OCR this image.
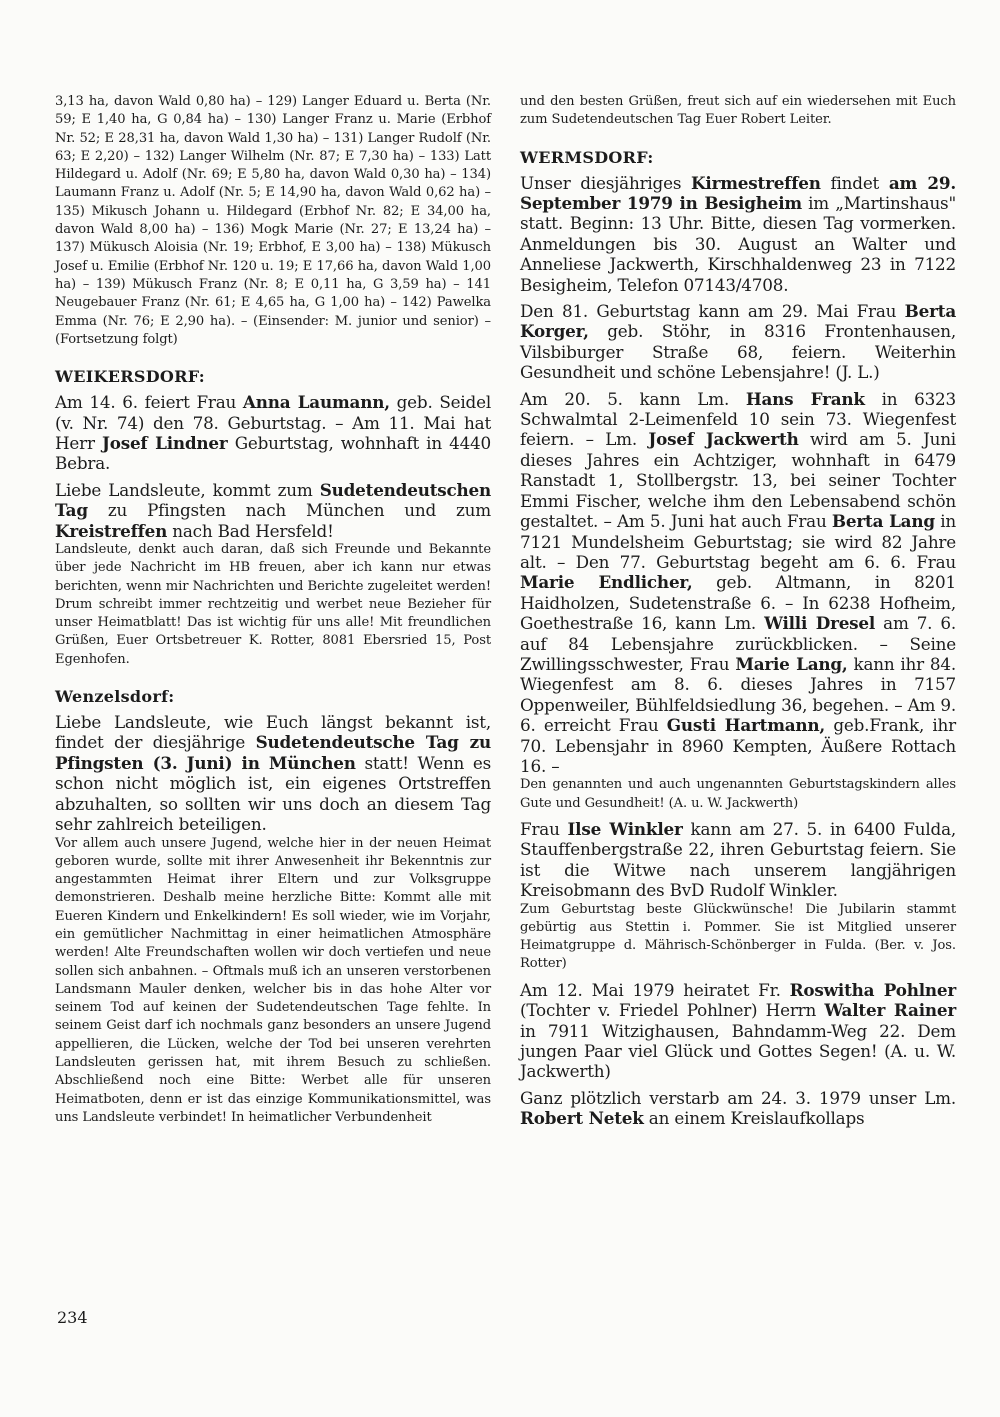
3,13 ha, davon Wald 0,80 ha) – 129) Langer Eduard u. Berta (Nr. 59; E 1,40 ha, G 0,84 ha) – 130) Langer Franz u. Marie (Erbhof Nr. 52; E 28,31 ha, davon Wald 1,30 ha) – 131) Langer Rudolf (Nr. 63; E 2,20) – 132) Langer Wilhelm (Nr. 87; E 7,30 ha) – 133) Latt Hildegard u. Adolf (Nr. 69; E 5,80 ha, davon Wald 0,30 ha) – 134) Laumann Franz u. Adolf (Nr. 5; E 14,90 ha, davon Wald 0,62 ha) – 135) Mikusch Johann u. Hildegard (Erbhof Nr. 82; E 34,00 ha, davon Wald 8,00 ha) – 136) Mogk Marie (Nr. 27; E 13,24 ha) – 137) Mükusch Aloisia (Nr. 19; Erbhof, E 3,00 ha) – 138) Mükusch Josef u. Emilie (Erbhof Nr. 120 u. 19; E 17,66 ha, davon Wald 1,00 ha) – 139) Mükusch Franz (Nr. 8; E 0,11 ha, G 3,59 ha) – 141 Neugebauer Franz (Nr. 61; E 4,65 ha, G 1,00 ha) – 142) Pawelka Emma (Nr. 76; E 2,90 ha). – (Einsender: M. junior und senior) – (Fortsetzung folgt)

WEIKERSDORF:

Am 14. 6. feiert Frau Anna Laumann, geb. Seidel (v. Nr. 74) den 78. Geburtstag. – Am 11. Mai hat Herr Josef Lindner Geburtstag, wohnhaft in 4440 Bebra.

Liebe Landsleute, kommt zum Sudetendeutschen Tag zu Pfingsten nach München und zum Kreistreffen nach Bad Hersfeld!

Landsleute, denkt auch daran, daß sich Freunde und Bekannte über jede Nachricht im HB freuen, aber ich kann nur etwas berichten, wenn mir Nachrichten und Berichte zugeleitet werden! Drum schreibt immer rechtzeitig und werbet neue Bezieher für unser Heimatblatt! Das ist wichtig für uns alle! Mit freundlichen Grüßen, Euer Ortsbetreuer K. Rotter, 8081 Ebersried 15, Post Egenhofen.

Wenzelsdorf:

Liebe Landsleute, wie Euch längst bekannt ist, findet der diesjährige Sudetendeutsche Tag zu Pfingsten (3. Juni) in München statt! Wenn es schon nicht möglich ist, ein eigenes Ortstreffen abzuhalten, so sollten wir uns doch an diesem Tag sehr zahlreich beteiligen.

Vor allem auch unsere Jugend, welche hier in der neuen Heimat geboren wurde, sollte mit ihrer Anwesenheit ihr Bekenntnis zur angestammten Heimat ihrer Eltern und zur Volksgruppe demonstrieren. Deshalb meine herzliche Bitte: Kommt alle mit Eueren Kindern und Enkelkindern! Es soll wieder, wie im Vorjahr, ein gemütlicher Nachmittag in einer heimatlichen Atmosphäre werden! Alte Freundschaften wollen wir doch vertiefen und neue sollen sich anbahnen. – Oftmals muß ich an unseren verstorbenen Landsmann Mauler denken, welcher bis in das hohe Alter vor seinem Tod auf keinen der Sudetendeutschen Tage fehlte. In seinem Geist darf ich nochmals ganz besonders an unsere Jugend appellieren, die Lücken, welche der Tod bei unseren verehrten Landsleuten gerissen hat, mit ihrem Besuch zu schließen. Abschließend noch eine Bitte: Werbet alle für unseren Heimatboten, denn er ist das einzige Kommunikationsmittel, was uns Landsleute verbindet! In heimatlicher Verbundenheit

und den besten Grüßen, freut sich auf ein wiedersehen mit Euch zum Sudetendeutschen Tag Euer Robert Leiter.

WERMSDORF:

Unser diesjähriges Kirmestreffen findet am 29. September 1979 in Besigheim im „Martinshaus" statt. Beginn: 13 Uhr. Bitte, diesen Tag vormerken. Anmeldungen bis 30. August an Walter und Anneliese Jackwerth, Kirschhaldenweg 23 in 7122 Besigheim, Telefon 07143/4708.

Den 81. Geburtstag kann am 29. Mai Frau Berta Korger, geb. Stöhr, in 8316 Frontenhausen, Vilsbiburger Straße 68, feiern. Weiterhin Gesundheit und schöne Lebensjahre! (J. L.)

Am 20. 5. kann Lm. Hans Frank in 6323 Schwalmtal 2-Leimenfeld 10 sein 73. Wiegenfest feiern. – Lm. Josef Jackwerth wird am 5. Juni dieses Jahres ein Achtziger, wohnhaft in 6479 Ranstadt 1, Stollbergstr. 13, bei seiner Tochter Emmi Fischer, welche ihm den Lebensabend schön gestaltet. – Am 5. Juni hat auch Frau Berta Lang in 7121 Mundelsheim Geburtstag; sie wird 82 Jahre alt. – Den 77. Geburtstag begeht am 6. 6. Frau Marie Endlicher, geb. Altmann, in 8201 Haidholzen, Sudetenstraße 6. – In 6238 Hofheim, Goethestraße 16, kann Lm. Willi Dresel am 7. 6. auf 84 Lebensjahre zurückblicken. – Seine Zwillingsschwester, Frau Marie Lang, kann ihr 84. Wiegenfest am 8. 6. dieses Jahres in 7157 Oppenweiler, Bühlfeldsiedlung 36, begehen. – Am 9. 6. erreicht Frau Gusti Hartmann, geb.Frank, ihr 70. Lebensjahr in 8960 Kempten, Äußere Rottach 16. –

Den genannten und auch ungenannten Geburtstagskindern alles Gute und Gesundheit! (A. u. W. Jackwerth)

Frau Ilse Winkler kann am 27. 5. in 6400 Fulda, Stauffenbergstraße 22, ihren Geburtstag feiern. Sie ist die Witwe nach unserem langjährigen Kreisobmann des BvD Rudolf Winkler.

Zum Geburtstag beste Glückwünsche! Die Jubilarin stammt gebürtig aus Stettin i. Pommer. Sie ist Mitglied unserer Heimatgruppe d. Mährisch-Schönberger in Fulda. (Ber. v. Jos. Rotter)

Am 12. Mai 1979 heiratet Fr. Roswitha Pohlner (Tochter v. Friedel Pohlner) Herrn Walter Rainer in 7911 Witzighausen, Bahndamm-Weg 22. Dem jungen Paar viel Glück und Gottes Segen! (A. u. W. Jackwerth)

Ganz plötzlich verstarb am 24. 3. 1979 unser Lm. Robert Netek an einem Kreislaufkollaps

234
